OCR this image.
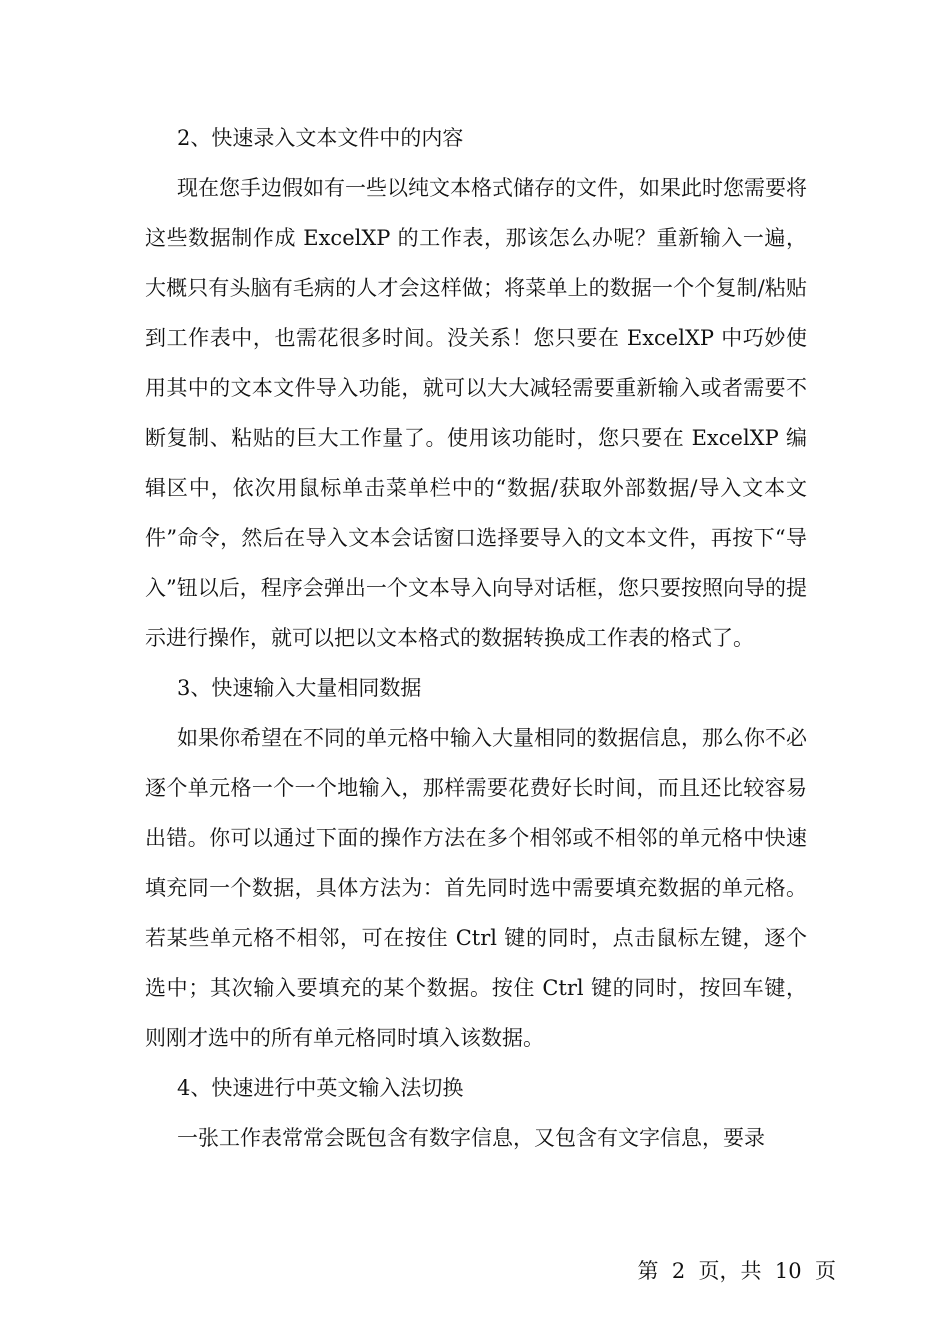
2、快速录入文本文件中的内容

现在您手边假如有一些以纯文本格式储存的文件，如果此时您需要将这些数据制作成 ExcelXP 的工作表，那该怎么办呢？重新输入一遍，大概只有头脑有毛病的人才会这样做；将菜单上的数据一个个复制/粘贴到工作表中，也需花很多时间。没关系！您只要在 ExcelXP 中巧妙使用其中的文本文件导入功能，就可以大大减轻需要重新输入或者需要不断复制、粘贴的巨大工作量了。使用该功能时，您只要在 ExcelXP 编辑区中，依次用鼠标单击菜单栏中的“数据/获取外部数据/导入文本文件”命令，然后在导入文本会话窗口选择要导入的文本文件，再按下“导入”钮以后，程序会弹出一个文本导入向导对话框，您只要按照向导的提示进行操作，就可以把以文本格式的数据转换成工作表的格式了。

3、快速输入大量相同数据

如果你希望在不同的单元格中输入大量相同的数据信息，那么你不必逐个单元格一个一个地输入，那样需要花费好长时间，而且还比较容易出错。你可以通过下面的操作方法在多个相邻或不相邻的单元格中快速填充同一个数据，具体方法为：首先同时选中需要填充数据的单元格。若某些单元格不相邻，可在按住 Ctrl 键的同时，点击鼠标左键，逐个选中；其次输入要填充的某个数据。按住 Ctrl 键的同时，按回车键，则刚才选中的所有单元格同时填入该数据。

4、快速进行中英文输入法切换

一张工作表常常会既包含有数字信息，又包含有文字信息，要录

第  2  页，共  10  页
